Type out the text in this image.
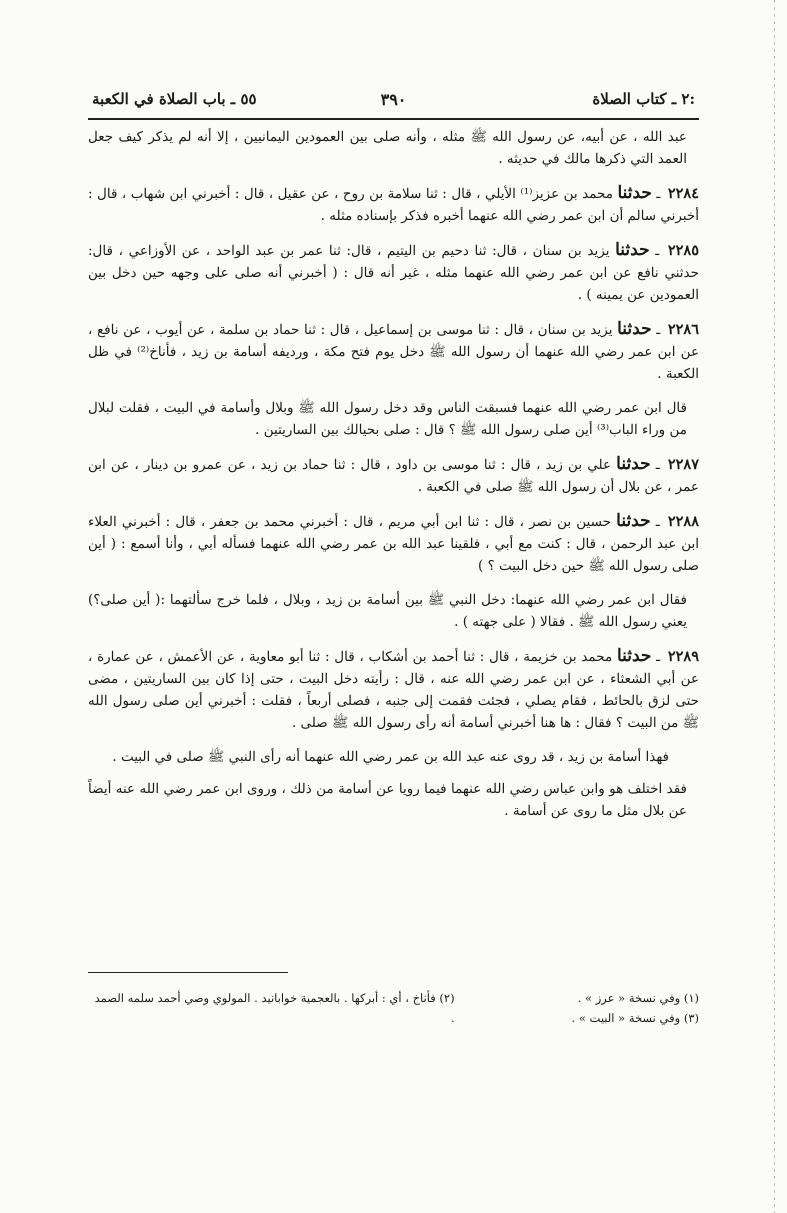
٢ ـ كتاب الصلاة:
٣٩٠
٥٥ ـ باب الصلاة في الكعبة
عبد الله ، عن أبيه، عن رسول الله ﷺ مثله ، وأنه صلى بين العمودين اليمانيين ، إلا أنه لم يذكر كيف جعل العمد التي ذكرها مالك في حديثه .
٢٢٨٤ ـ حدثنا محمد بن عزيز⁽¹⁾ الأيلي ، قال : ثنا سلامة بن روح ، عن عقيل ، قال : أخبرني ابن شهاب ، قال : أخبرني سالم أن ابن عمر رضي الله عنهما أخبره فذكر بإسناده مثله .
٢٢٨٥ ـ حدثنا يزيد بن سنان ، قال: ثنا دحيم بن اليتيم ، قال: ثنا عمر بن عبد الواحد ، عن الأوزاعي ، قال: حدثني نافع عن ابن عمر رضي الله عنهما مثله ، غير أنه قال : ( أخبرني أنه صلى على وجهه حين دخل بين العمودين عن يمينه ) .
٢٢٨٦ ـ حدثنا يزيد بن سنان ، قال : ثنا موسى بن إسماعيل ، قال : ثنا حماد بن سلمة ، عن أيوب ، عن نافع ، عن ابن عمر رضي الله عنهما أن رسول الله ﷺ دخل يوم فتح مكة ، ورديفه أسامة بن زيد ، فأناخ⁽²⁾ في ظل الكعبة .
قال ابن عمر رضي الله عنهما فسبقت الناس وقد دخل رسول الله ﷺ وبلال وأسامة في البيت ، فقلت لبلال من وراء الباب⁽³⁾ أين صلى رسول الله ﷺ ؟ قال : صلى بحيالك بين الساريتين .
٢٢٨٧ ـ حدثنا علي بن زيد ، قال : ثنا موسى بن داود ، قال : ثنا حماد بن زيد ، عن عمرو بن دينار ، عن ابن عمر ، عن بلال أن رسول الله ﷺ صلى في الكعبة .
٢٢٨٨ ـ حدثنا حسين بن نصر ، قال : ثنا ابن أبي مريم ، قال : أخبرني محمد بن جعفر ، قال : أخبرني العلاء ابن عبد الرحمن ، قال : كنت مع أبي ، فلقينا عبد الله بن عمر رضي الله عنهما فسأله أبي ، وأنا أسمع : ( أين صلى رسول الله ﷺ حين دخل البيت ؟ )
فقال ابن عمر رضي الله عنهما: دخل النبي ﷺ بين أسامة بن زيد ، وبلال ، فلما خرج سألتهما :( أين صلى؟) يعني رسول الله ﷺ . فقالا ( على جهته ) .
٢٢٨٩ ـ حدثنا محمد بن خزيمة ، قال : ثنا أحمد بن أشكاب ، قال : ثنا أبو معاوية ، عن الأعمش ، عن عمارة ، عن أبي الشعثاء ، عن ابن عمر رضي الله عنه ، قال : رأيته دخل البيت ، حتى إذا كان بين الساريتين ، مضى حتى لزق بالحائط ، فقام يصلي ، فجئت فقمت إلى جنبه ، فصلى أربعاً ، فقلت : أخبرني أين صلى رسول الله ﷺ من البيت ؟ فقال : ها هنا أخبرني أسامة أنه رأى رسول الله ﷺ صلى .
فهذا أسامة بن زيد ، قد روى عنه عبد الله بن عمر رضي الله عنهما أنه رأى النبي ﷺ صلى في البيت .
فقد اختلف هو وابن عباس رضي الله عنهما فيما رويا عن أسامة من ذلك ، وروى ابن عمر رضي الله عنه أيضاً عن بلال مثل ما روى عن أسامة .
(١) وفي نسخة « عرز » .
(٣) وفي نسخة « البيت » .
(٢) فأناخ ، أي : أبركها . بالعجمية خوابانيد . المولوي وصي أحمد سلمه الصمد .
